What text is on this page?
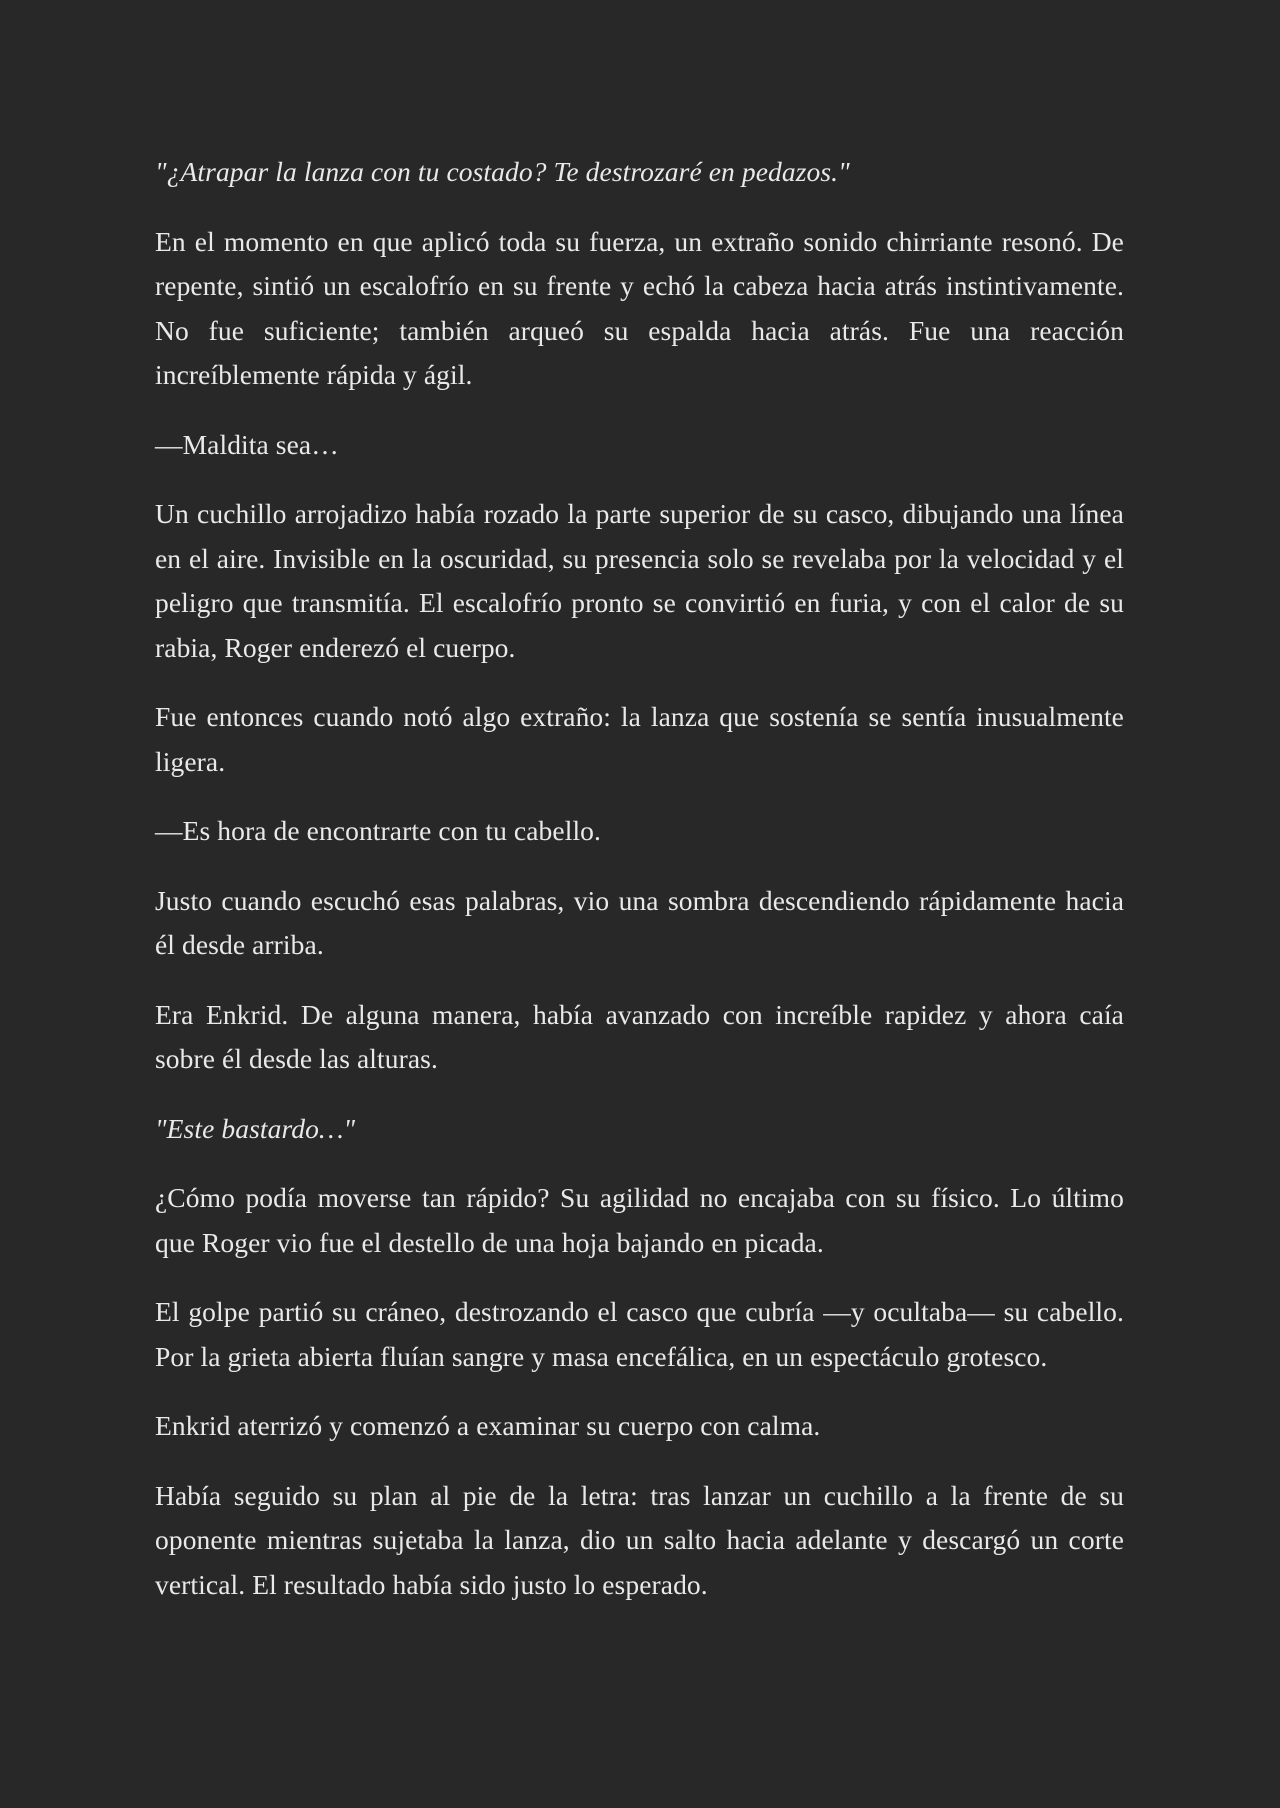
"¿Atrapar la lanza con tu costado? Te destrozaré en pedazos."

En el momento en que aplicó toda su fuerza, un extraño sonido chirriante resonó. De repente, sintió un escalofrío en su frente y echó la cabeza hacia atrás instintivamente. No fue suficiente; también arqueó su espalda hacia atrás. Fue una reacción increíblemente rápida y ágil.

—Maldita sea…

Un cuchillo arrojadizo había rozado la parte superior de su casco, dibujando una línea en el aire. Invisible en la oscuridad, su presencia solo se revelaba por la velocidad y el peligro que transmitía. El escalofrío pronto se convirtió en furia, y con el calor de su rabia, Roger enderezó el cuerpo.

Fue entonces cuando notó algo extraño: la lanza que sostenía se sentía inusualmente ligera.

—Es hora de encontrarte con tu cabello.

Justo cuando escuchó esas palabras, vio una sombra descendiendo rápidamente hacia él desde arriba.

Era Enkrid. De alguna manera, había avanzado con increíble rapidez y ahora caía sobre él desde las alturas.

"Este bastardo…"

¿Cómo podía moverse tan rápido? Su agilidad no encajaba con su físico. Lo último que Roger vio fue el destello de una hoja bajando en picada.

El golpe partió su cráneo, destrozando el casco que cubría —y ocultaba— su cabello. Por la grieta abierta fluían sangre y masa encefálica, en un espectáculo grotesco.

Enkrid aterrizó y comenzó a examinar su cuerpo con calma.

Había seguido su plan al pie de la letra: tras lanzar un cuchillo a la frente de su oponente mientras sujetaba la lanza, dio un salto hacia adelante y descargó un corte vertical. El resultado había sido justo lo esperado.
